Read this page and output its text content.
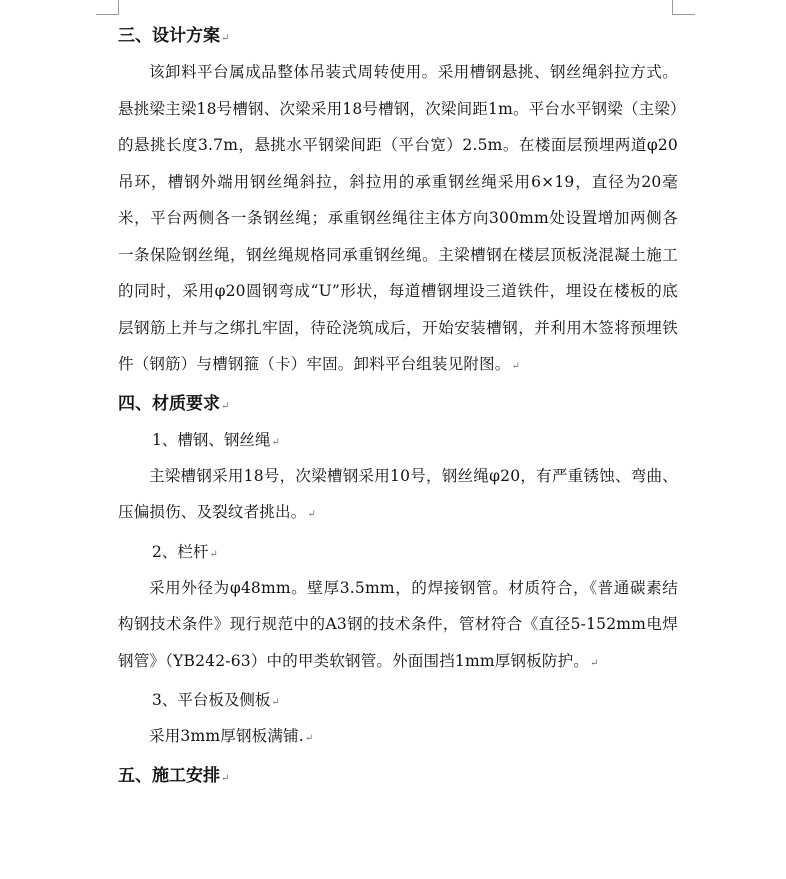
三、设计方案↵
该卸料平台属成品整体吊装式周转使用。采用槽钢悬挑、钢丝绳斜拉方式。悬挑梁主梁18号槽钢、次梁采用18号槽钢，次梁间距1m。平台水平钢梁（主梁）的悬挑长度3.7m，悬挑水平钢梁间距（平台宽）2.5m。在楼面层预埋两道φ20吊环，槽钢外端用钢丝绳斜拉，斜拉用的承重钢丝绳采用6×19，直径为20毫米，平台两侧各一条钢丝绳；承重钢丝绳往主体方向300mm处设置增加两侧各一条保险钢丝绳，钢丝绳规格同承重钢丝绳。主梁槽钢在楼层顶板浇混凝土施工的同时，采用φ20圆钢弯成“U”形状，每道槽钢埋设三道铁件，埋设在楼板的底层钢筋上并与之绑扎牢固，待砼浇筑成后，开始安装槽钢，并利用木签将预埋铁件（钢筋）与槽钢箍（卡）牢固。卸料平台组装见附图。↵
四、材质要求↵
1、槽钢、钢丝绳↵
主梁槽钢采用18号，次梁槽钢采用10号，钢丝绳φ20，有严重锈蚀、弯曲、压偏损伤、及裂纹者挑出。↵
2、栏杆↵
采用外径为φ48mm。壁厚3.5mm，的焊接钢管。材质符合，《普通碳素结构钢技术条件》现行规范中的A3钢的技术条件，管材符合《直径5-152mm电焊钢管》（YB242-63）中的甲类软钢管。外面围挡1mm厚钢板防护。↵
3、平台板及侧板↵
采用3mm厚钢板满铺.↵
五、施工安排↵
